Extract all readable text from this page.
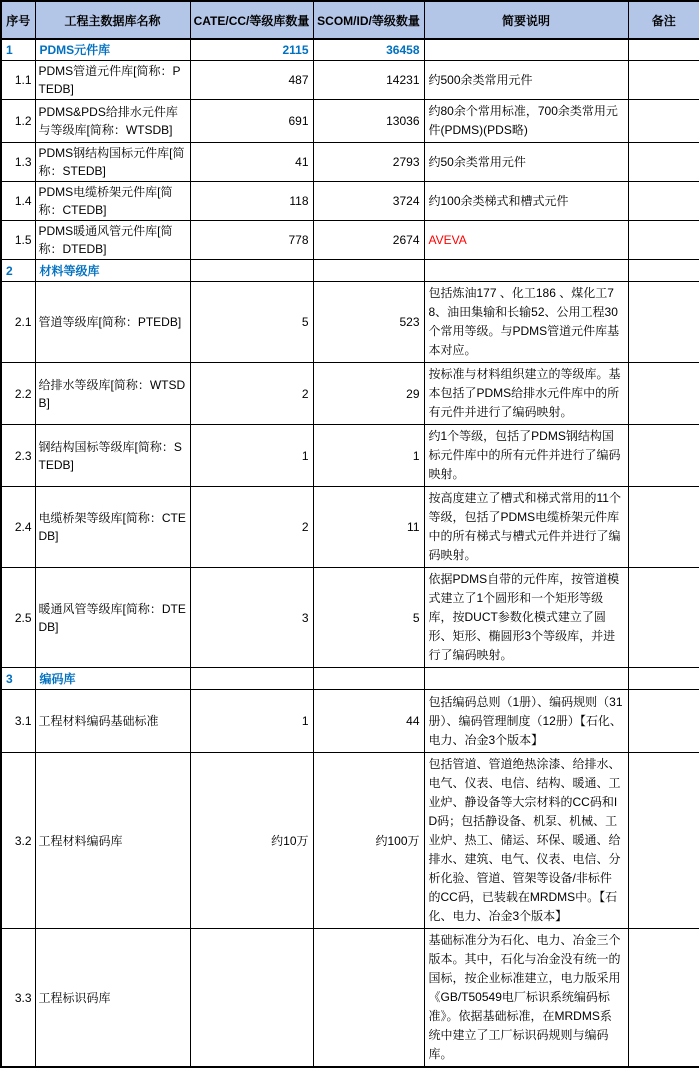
序号	工程主数据库名称	CATE/CC/等级库数量	SCOM/ID/等级数量	简要说明	备注
1	PDMS元件库	2115	36458		
1.1	PDMS管道元件库[简称：PTEDB]	487	14231	约500余类常用元件	
1.2	PDMS&PDS给排水元件库与等级库[简称：WTSDB]	691	13036	约80余个常用标准，700余类常用元件(PDMS)(PDS略)	
1.3	PDMS钢结构国标元件库[简称：STEDB]	41	2793	约50余类常用元件	
1.4	PDMS电缆桥架元件库[简称：CTEDB]	118	3724	约100余类梯式和槽式元件	
1.5	PDMS暖通风管元件库[简称：DTEDB]	778	2674	AVEVA	
2	材料等级库				
2.1	管道等级库[简称：PTEDB]	5	523	包括炼油177 、化工186 、煤化工78、油田集输和长输52、公用工程30个常用等级。与PDMS管道元件库基本对应。	
2.2	给排水等级库[简称：WTSDB]	2	29	按标准与材料组织建立的等级库。基本包括了PDMS给排水元件库中的所有元件并进行了编码映射。	
2.3	钢结构国标等级库[简称：STEDB]	1	1	约1个等级，包括了PDMS钢结构国标元件库中的所有元件并进行了编码映射。	
2.4	电缆桥架等级库[简称：CTEDB]	2	11	按高度建立了槽式和梯式常用的11个等级，包括了PDMS电缆桥架元件库中的所有梯式与槽式元件并进行了编码映射。	
2.5	暖通风管等级库[简称：DTEDB]	3	5	依据PDMS自带的元件库，按管道模式建立了1个圆形和一个矩形等级库，按DUCT参数化模式建立了圆形、矩形、椭圆形3个等级库，并进行了编码映射。	
3	编码库				
3.1	工程材料编码基础标准	1	44	包括编码总则（1册）、编码规则（31册）、编码管理制度（12册）【石化、电力、冶金3个版本】	
3.2	工程材料编码库	约10万	约100万	包括管道、管道绝热涂漆、给排水、电气、仪表、电信、结构、暖通、工业炉、静设备等大宗材料的CC码和ID码；包括静设备、机泵、机械、工业炉、热工、储运、环保、暖通、给排水、建筑、电气、仪表、电信、分析化验、管道、管架等设备/非标件的CC码，已装载在MRDMS中。【石化、电力、冶金3个版本】	
3.3	工程标识码库			基础标准分为石化、电力、冶金三个版本。其中，石化与冶金没有统一的国标，按企业标准建立，电力版采用《GB/T50549电厂标识系统编码标准》。依据基础标准，在MRDMS系统中建立了工厂标识码规则与编码库。	
